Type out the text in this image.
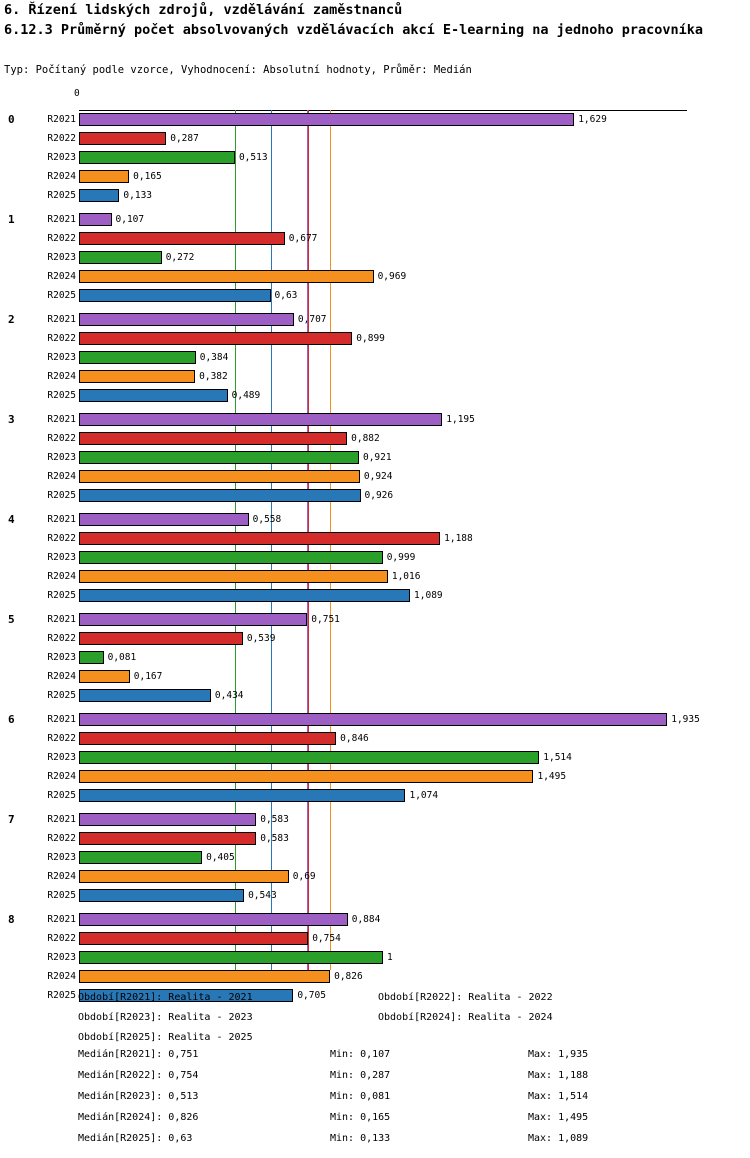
6. Řízení lidských zdrojů, vzdělávání zaměstnanců
6.12.3 Průměrný počet absolvovaných vzdělávacích akcí E-learning na jednoho pracovníka
Typ: Počítaný podle vzorce, Vyhodnocení: Absolutní hodnoty, Průměr: Medián
0
0	R2021	1,629
R2022	0,287
R2023	0,513
R2024	0,165
R2025	0,133
1	R2021	0,107
R2022	0,677
R2023	0,272
R2024	0,969
R2025	0,63
2	R2021	0,707
R2022	0,899
R2023	0,384
R2024	0,382
R2025	0,489
3	R2021	1,195
R2022	0,882
R2023	0,921
R2024	0,924
R2025	0,926
4	R2021	0,558
R2022	1,188
R2023	0,999
R2024	1,016
R2025	1,089
5	R2021	0,751
R2022	0,539
R2023	0,081
R2024	0,167
R2025	0,434
6	R2021	1,935
R2022	0,846
R2023	1,514
R2024	1,495
R2025	1,074
7	R2021	0,583
R2022	0,583
R2023	0,405
R2024	0,69
R2025	0,543
8	R2021	0,884
R2022	0,754
R2023	1
R2024	0,826
R2025	0,705
Období[R2021]: Realita - 2021	Období[R2022]: Realita - 2022
Období[R2023]: Realita - 2023	Období[R2024]: Realita - 2024
Období[R2025]: Realita - 2025
Medián[R2021]: 0,751	Min: 0,107	Max: 1,935
Medián[R2022]: 0,754	Min: 0,287	Max: 1,188
Medián[R2023]: 0,513	Min: 0,081	Max: 1,514
Medián[R2024]: 0,826	Min: 0,165	Max: 1,495
Medián[R2025]: 0,63	Min: 0,133	Max: 1,089
